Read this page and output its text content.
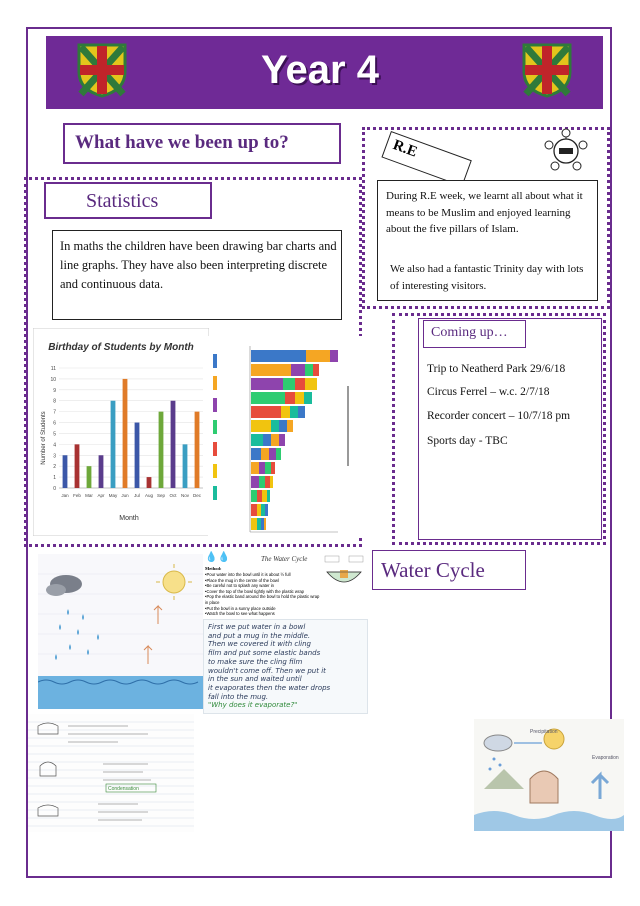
Year 4
What have we been up to?	R.E
During R.E week, we learnt all about what it means to be Muslim and enjoyed learning about the five pillars of Islam.
We also had a fantastic Trinity day with lots of interesting visitors.
Statistics
In maths the children have been drawing bar charts and line graphs. They have also been interpreting discrete and continuous data.
Birthday of Students by Month
Month
Number of Students
Jan Feb Mar Apr May Jun Jul Aug Sep Oct Nov Dec
0
1
2
3
4
5
6
7
8
9
10
11
Coming up…
Trip to Neatherd Park 29/6/18
Circus Ferrel – w.c. 2/7/18
Recorder concert – 10/7/18 pm
Sports day - TBC
Water Cycle
💧💧	The Water Cycle
Method:
•Pour water into the bowl until it is about ½ full
•Place the mug in the centre of the bowl
•Be careful not to splash any water in
•Cover the top of the bowl tightly with the plastic wrap
•Pop the elastic band around the bowl to hold the plastic wrap in place
•Put the bowl in a sunny place outside
•Watch the bowl to see what happens
First we put water in a bowl
and put a mug in the middle.
Then we covered it with cling
film and put some elastic bands
to make sure the cling film
wouldn't come off. Then we put it
in the sun and waited until
it evaporates then the water drops
fall into the mug.
"Why does it evaporate?"
Condensation
Precipitation
Evaporation
